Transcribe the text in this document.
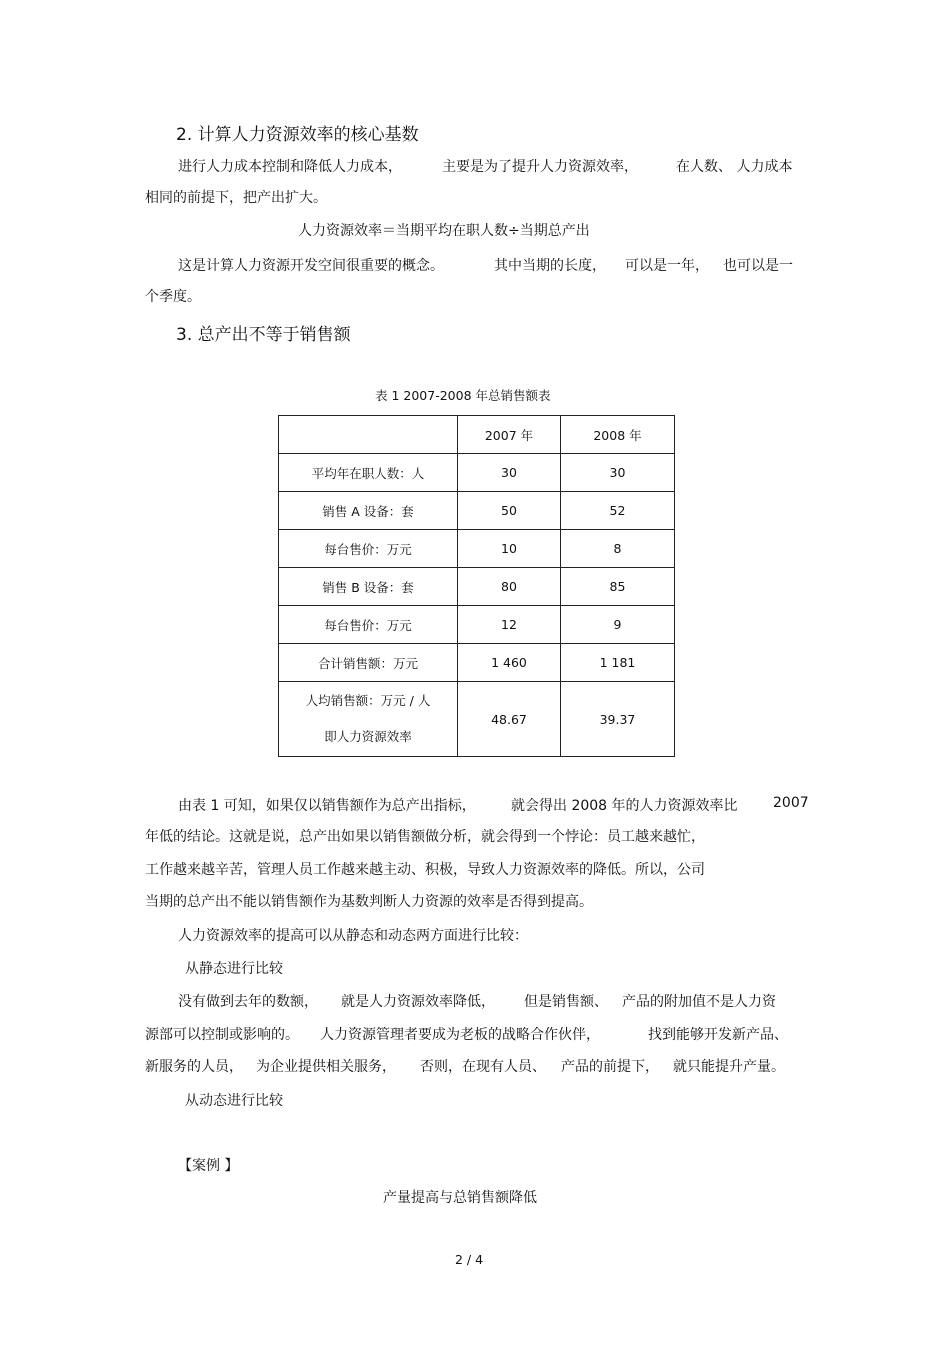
2. 计算人力资源效率的核心基数
进行人力成本控制和降低人力成本，	主要是为了提升人力资源效率，	在人数、 人力成本
相同的前提下，把产出扩大。
人力资源效率＝当期平均在职人数÷当期总产出
这是计算人力资源开发空间很重要的概念。	其中当期的长度， 可以是一年， 也可以是一
个季度。
3. 总产出不等于销售额
表 1 2007-2008 年总销售额表
	2007 年	2008 年
平均年在职人数：人	30	30
销售 A 设备：套	50	52
每台售价：万元	10	8
销售 B 设备：套	80	85
每台售价：万元	12	9
合计销售额：万元	1 460	1 181

人均销售额：万元 / 人
即人力资源效率	48.67	39.37
由表 1 可知，如果仅以销售额作为总产出指标，	就会得出 2008 年的人力资源效率比	2007
年低的结论。这就是说，总产出如果以销售额做分析，就会得到一个悖论：员工越来越忙，
工作越来越辛苦，管理人员工作越来越主动、积极，导致人力资源效率的降低。所以，公司
当期的总产出不能以销售额作为基数判断人力资源的效率是否得到提高。
人力资源效率的提高可以从静态和动态两方面进行比较：
从静态进行比较
没有做到去年的数额， 就是人力资源效率降低， 但是销售额、 产品的附加值不是人力资
源部可以控制或影响的。 人力资源管理者要成为老板的战略合作伙伴，	找到能够开发新产品、
新服务的人员， 为企业提供相关服务， 否则，在现有人员、 产品的前提下， 就只能提升产量。
从动态进行比较
【案例 】
产量提高与总销售额降低
2 / 4
